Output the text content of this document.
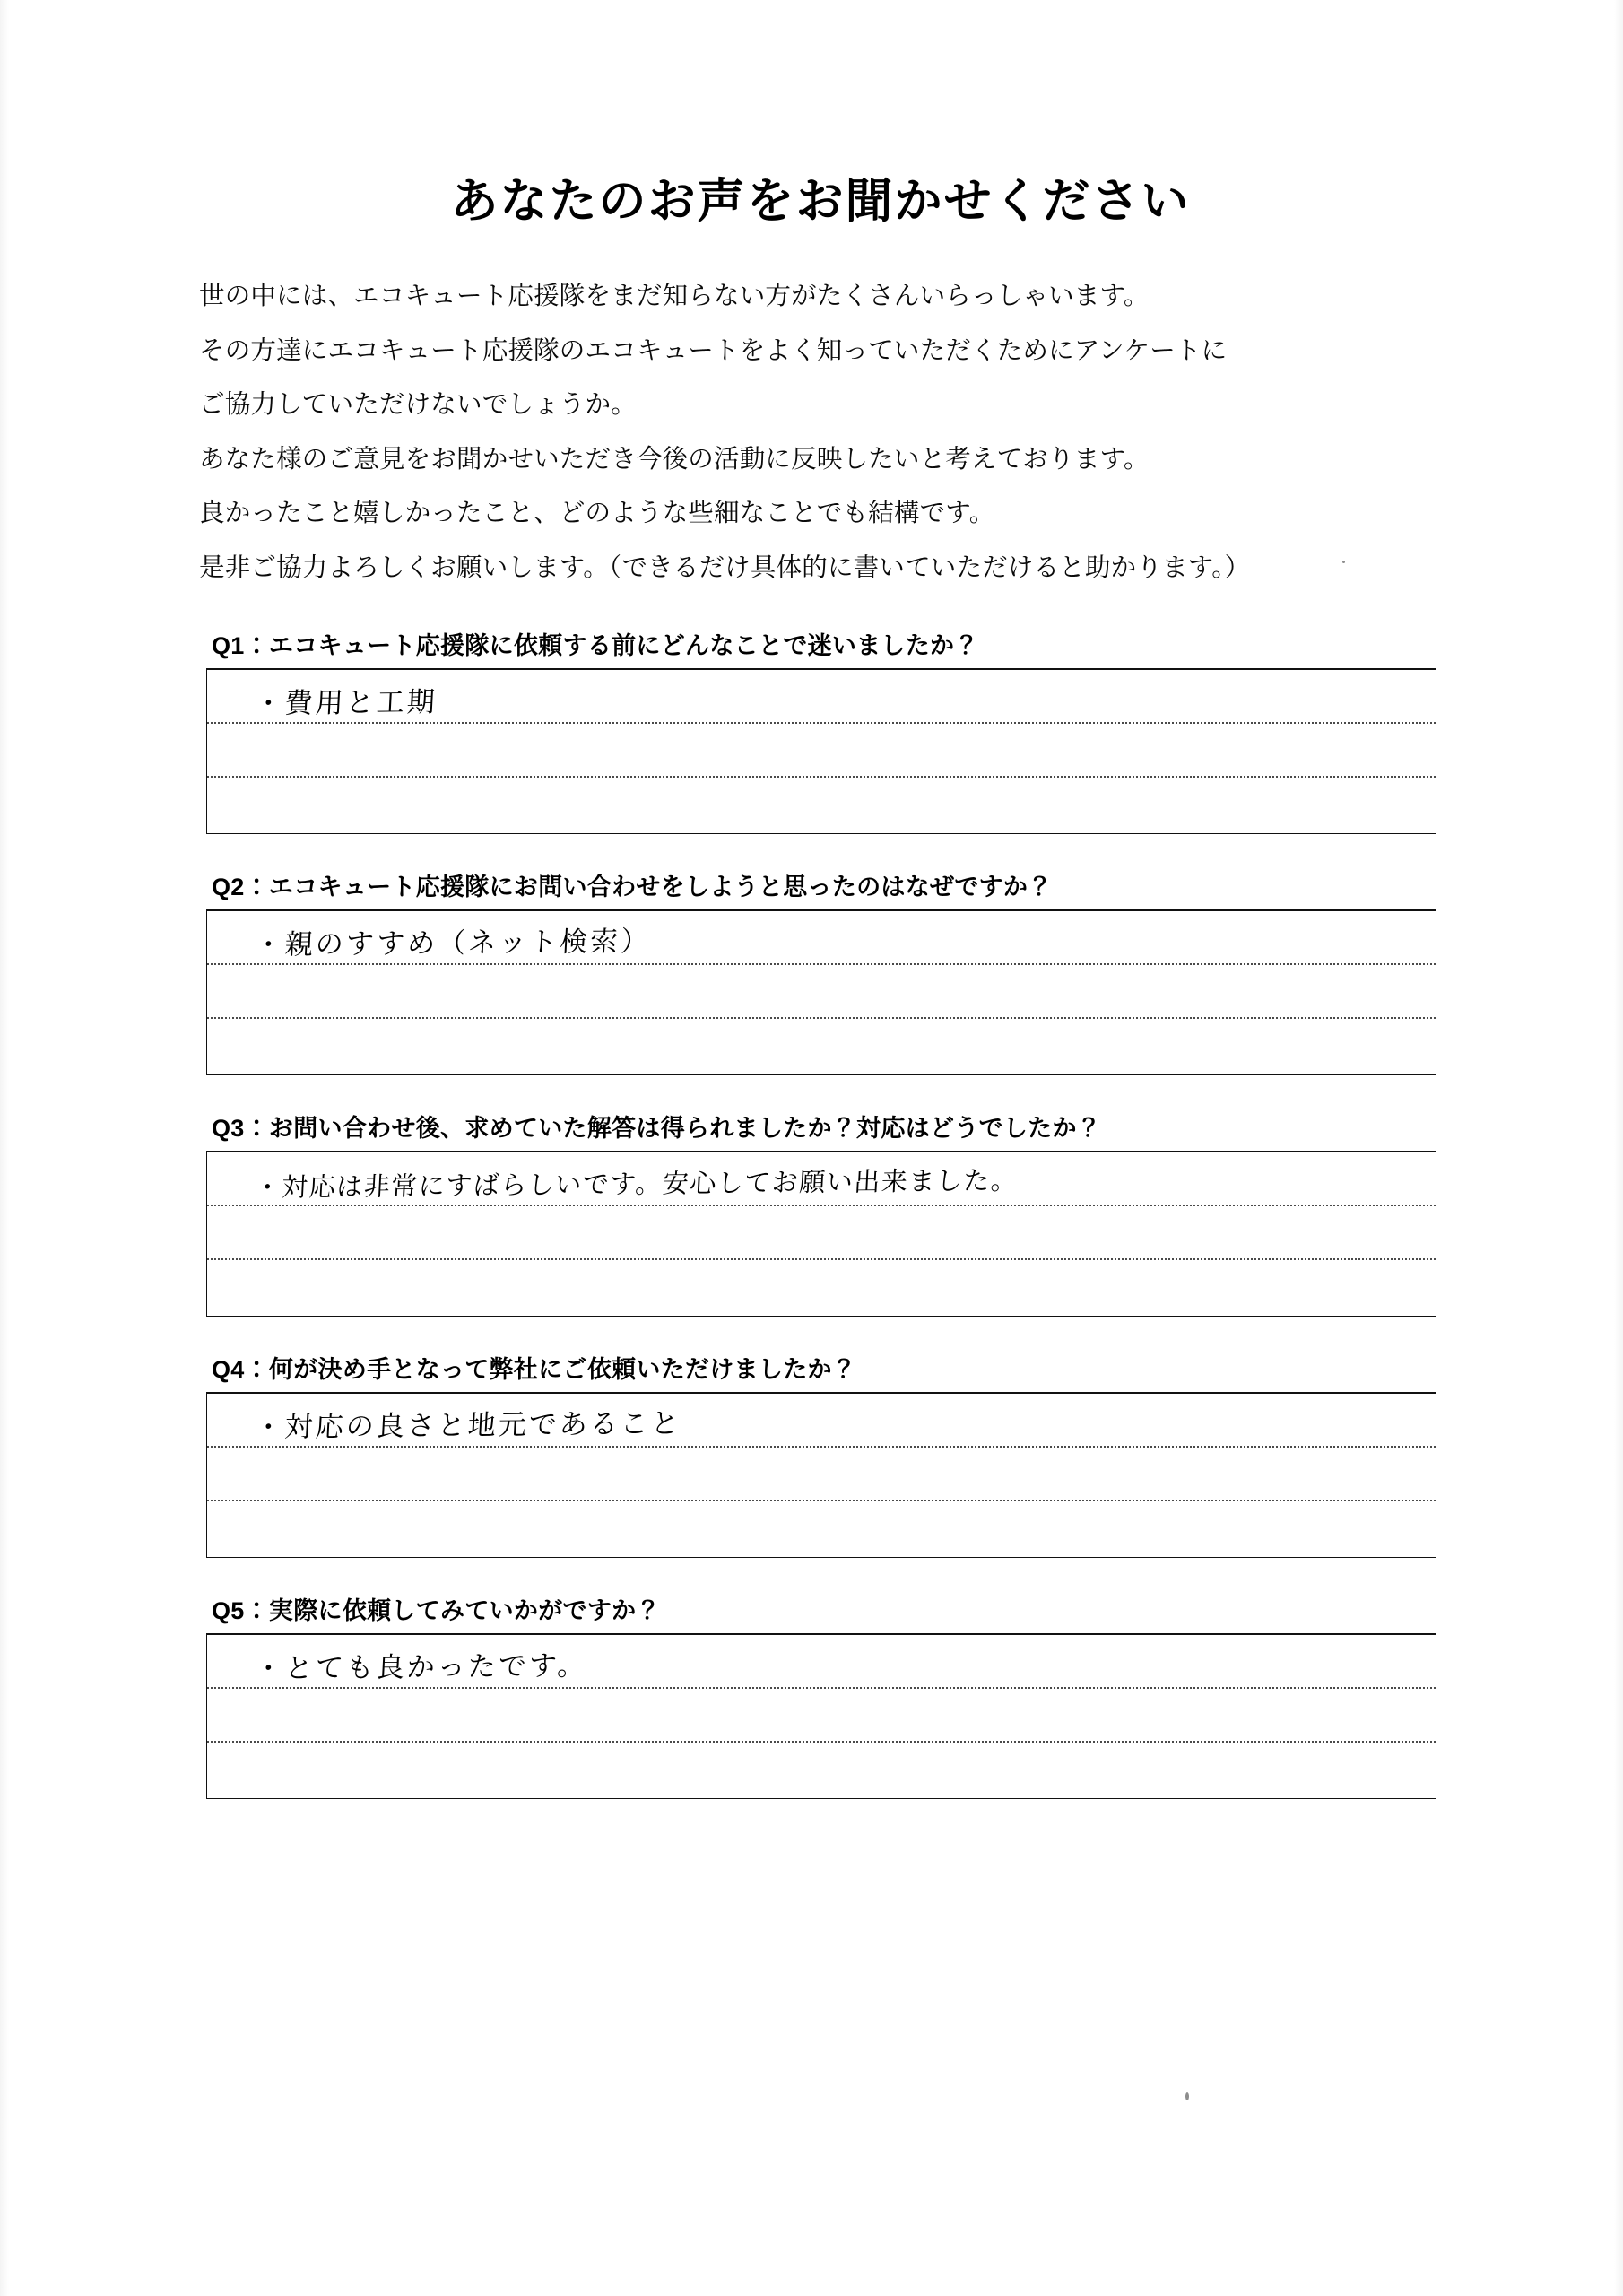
あなたのお声をお聞かせください
世の中には、エコキュート応援隊をまだ知らない方がたくさんいらっしゃいます。
その方達にエコキュート応援隊のエコキュートをよく知っていただくためにアンケートに
ご協力していただけないでしょうか。
あなた様のご意見をお聞かせいただき今後の活動に反映したいと考えております。
良かったこと嬉しかったこと、どのような些細なことでも結構です。
是非ご協力よろしくお願いします。（できるだけ具体的に書いていただけると助かります。）
Q1：エコキュート応援隊に依頼する前にどんなことで迷いましたか？
・費用と工期
Q2：エコキュート応援隊にお問い合わせをしようと思ったのはなぜですか？
・親のすすめ（ネット検索）
Q3：お問い合わせ後、求めていた解答は得られましたか？対応はどうでしたか？
・対応は非常にすばらしいです。安心してお願い出来ました。
Q4：何が決め手となって弊社にご依頼いただけましたか？
・対応の良さと地元であること
Q5：実際に依頼してみていかがですか？
・とても良かったです。
